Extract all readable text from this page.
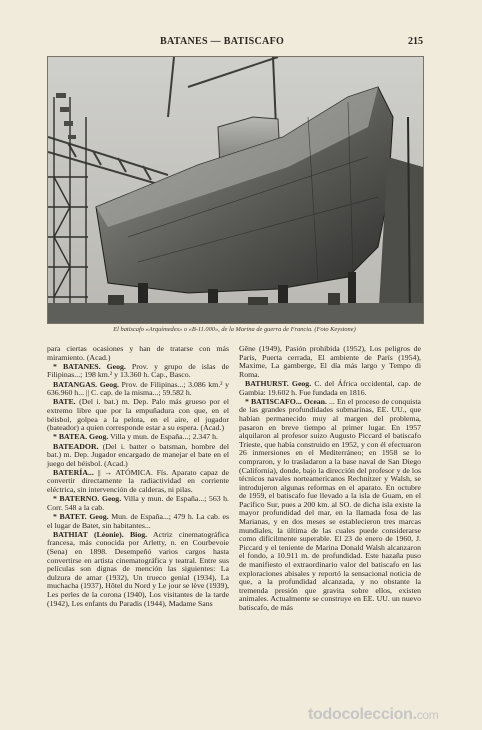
BATANES — BATISCAFO	215
El batiscafo «Arquímedes» o «B-11.000», de la Marina de guerra de Francia. (Foto Keystone)

para ciertas ocasiones y han de tratarse con más miramiento. (Acad.)

* BATANES. Geog. Prov. y grupo de islas de Filipinas...; 198 km.² y 13.360 h. Cap., Basco.

BATANGAS. Geog. Prov. de Filipinas...; 3.086 km.² y 636.960 h... || C. cap. de la misma...; 59.582 h.

BATE. (Del i. bat.) m. Dep. Palo más grueso por el extremo libre que por la empuñadura con que, en el béisbol, golpea a la pelota, en el aire, el jugador (bateador) a quien corresponde estar a su espera. (Acad.)

* BATEA. Geog. Villa y mun. de España...; 2.347 h.

BATEADOR. (Del i. batter o batsman, hombre del bat.) m. Dep. Jugador encargado de manejar el bate en el juego del béisbol. (Acad.)

BATERÍA... || → ATÓMICA. Fís. Aparato capaz de convertir directamente la radiactividad en corriente eléctrica, sin intervención de calderas, ni pilas.

* BATERNO. Geog. Villa y mun. de España...; 563 h. Corr. 548 a la cab.

* BATET. Geog. Mun. de España...; 479 h. La cab. es el lugar de Batet, sin habitantes...

BATHIAT (Léonie). Biog. Actriz cinematográfica francesa, más conocida por Arletty, n. en Courbevoie (Sena) en 1898. Desempeñó varios cargos hasta convertirse en artista cinematográfica y teatral. Entre sus películas son dignas de mención las siguientes: La dulzura de amar (1932), Un trueco genial (1934), La muchacha (1937), Hôtel du Nord y Le jour se lève (1939), Les perles de la corona (1940), Los visitantes de la tarde (1942), Les enfants du Paradis (1944), Madame Sans

Gêne (1949), Pasión prohibida (1952), Los peligros de París, Puerta cerrada, El ambiente de París (1954), Maxime, La gamberge, El día más largo y Tempo di Roma.

BATHURST. Geog. C. del África occidental, cap. de Gambia: 19.602 h. Fue fundada en 1816.

* BATISCAFO... Ocean. ... En el proceso de conquista de las grandes profundidades submarinas, EE. UU., que habían permanecido muy al margen del problema, pasaron en breve tiempo al primer lugar. En 1957 alquilaron al profesor suizo Augusto Piccard el batiscafo Trieste, que había construido en 1952, y con él efectuaron 26 inmersiones en el Mediterráneo; en 1958 se lo compraron, y lo trasladaron a la base naval de San Diego (California), donde, bajo la dirección del profesor y de los técnicos navales norteamericanos Rechnitzer y Walsh, se introdujeron algunas reformas en el aparato. En octubre de 1959, el batiscafo fue llevado a la isla de Guam, en el Pacífico Sur, pues a 200 km. al SO. de dicha isla existe la mayor profundidad del mar, en la llamada fosa de las Marianas, y en dos meses se establecieron tres marcas mundiales, la última de las cuales puede considerarse como difícilmente superable. El 23 de enero de 1960, J. Piccard y el teniente de Marina Donald Walsh alcanzaron el fondo, a 10.911 m. de profundidad. Este hazaña puso de manifiesto el extraordinario valor del batiscafo en las exploraciones abisales y reportó la sensacional noticia de que, a la profundidad alcanzada, y no obstante la tremenda presión que gravita sobre ellos, existen animales. Actualmente se construye en EE. UU. un nuevo batiscafo, de más

todocoleccion.com
